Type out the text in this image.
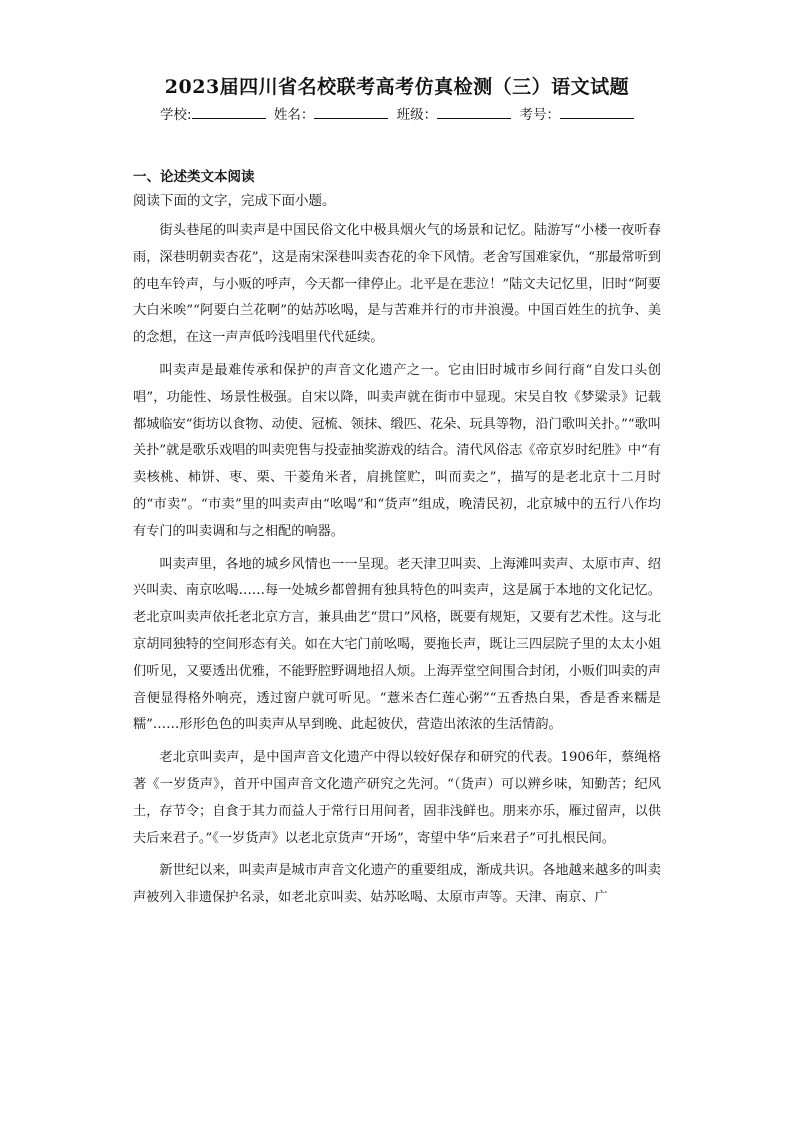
2023届四川省名校联考高考仿真检测（三）语文试题
学校:	姓名：	班级：	考号：
一、论述类文本阅读

阅读下面的文字，完成下面小题。

街头巷尾的叫卖声是中国民俗文化中极具烟火气的场景和记忆。陆游写“小楼一夜听春雨，深巷明朝卖杏花”，这是南宋深巷叫卖杏花的伞下风情。老舍写国难家仇，“那最常听到的电车铃声，与小贩的呼声，今天都一律停止。北平是在悲泣！”陆文夫记忆里，旧时“阿要大白米唉”“阿要白兰花啊”的姑苏吆喝，是与苦难并行的市井浪漫。中国百姓生的抗争、美的念想，在这一声声低吟浅唱里代代延续。

叫卖声是最难传承和保护的声音文化遗产之一。它由旧时城市乡间行商“自发口头创唱”，功能性、场景性极强。自宋以降，叫卖声就在街市中显现。宋吴自牧《梦粱录》记载都城临安“街坊以食物、动使、冠梳、领抹、缎匹、花朵、玩具等物，沿门歌叫关扑。”“歌叫关扑”就是歌乐戏唱的叫卖兜售与投壶抽奖游戏的结合。清代风俗志《帝京岁时纪胜》中“有卖核桃、柿饼、枣、栗、干菱角米者，肩挑筐贮，叫而卖之”，描写的是老北京十二月时的“市卖”。“市卖”里的叫卖声由“吆喝”和“货声”组成，晚清民初，北京城中的五行八作均有专门的叫卖调和与之相配的响器。

叫卖声里，各地的城乡风情也一一呈现。老天津卫叫卖、上海滩叫卖声、太原市声、绍兴叫卖、南京吆喝……每一处城乡都曾拥有独具特色的叫卖声，这是属于本地的文化记忆。老北京叫卖声依托老北京方言，兼具曲艺“贯口”风格，既要有规矩，又要有艺术性。这与北京胡同独特的空间形态有关。如在大宅门前吆喝，要拖长声，既让三四层院子里的太太小姐们听见，又要透出优雅，不能野腔野调地招人烦。上海弄堂空间围合封闭，小贩们叫卖的声音便显得格外响亮，透过窗户就可听见。“薏米杏仁莲心粥”“五香热白果，香是香来糯是糯”……形形色色的叫卖声从早到晚、此起彼伏，营造出浓浓的生活情韵。

老北京叫卖声，是中国声音文化遗产中得以较好保存和研究的代表。1906年，蔡绳格著《一岁货声》，首开中国声音文化遗产研究之先河。“（货声）可以辨乡味，知勤苦；纪风土，存节令；自食于其力而益人于常行日用间者，固非浅鲜也。朋来亦乐，雁过留声，以供夫后来君子。”《一岁货声》以老北京货声“开场”，寄望中华“后来君子”可扎根民间。

新世纪以来，叫卖声是城市声音文化遗产的重要组成，渐成共识。各地越来越多的叫卖声被列入非遗保护名录，如老北京叫卖、姑苏吆喝、太原市声等。天津、南京、广
